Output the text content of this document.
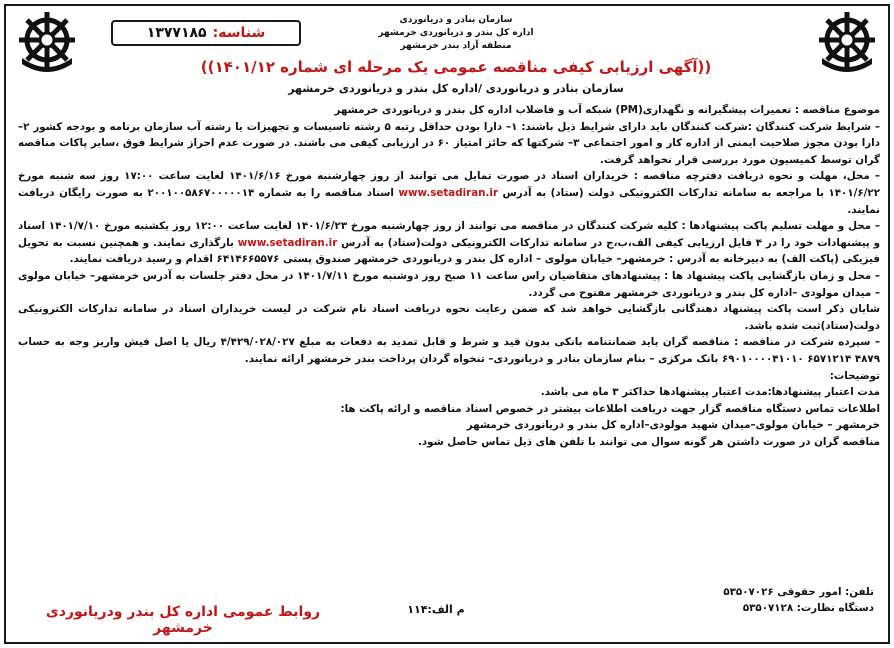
سازمان بنادر و دریانوردی
اداره کل بندر و دریانوردی خرمشهر
منطقه آزاد بندر خرمشهر
شناسه:
۱۳۷۷۱۸۵
((آگهی ارزیابی کیفی مناقصه عمومی یک مرحله ای شماره ۱۴۰۱/۱۲))
سازمان بنادر و دریانوردی /اداره کل بندر و دریانوردی خرمشهر

موضوع مناقصه : تعمیرات پیشگیرانه و نگهداری(PM) شبکه آب و فاضلاب اداره کل بندر و دریانوردی خرمشهر

– شرایط شرکت کنندگان :شرکت کنندگان باید دارای شرایط ذیل باشند: ۱– دارا بودن حداقل رتبه ۵ رشته تاسیسات و تجهیزات یا رشته آب سازمان برنامه و بودجه کشور ۲– دارا بودن مجوز صلاحیت ایمنی از اداره کار و امور اجتماعی ۳– شرکتها که حائز امتیاز ۶۰ در ارزیابی کیفی می باشند. در صورت عدم احراز شرایط فوق ،سایر پاکات مناقصه گران توسط کمیسیون مورد بررسی قرار نخواهد گرفت.

– محل، مهلت و نحوه دریافت دفترچه مناقصه : خریداران اسناد در صورت تمایل می توانند از روز چهارشنبه مورخ ۱۴۰۱/۶/۱۶ لغایت ساعت ۱۷:۰۰ روز سه شنبه مورخ ۱۴۰۱/۶/۲۲ با مراجعه به سامانه تدارکات الکترونیکی دولت (ستاد) به آدرس www.setadiran.ir اسناد مناقصه را به شماره ۲۰۰۱۰۰۵۸۶۷۰۰۰۰۰۱۴ به صورت رایگان دریافت نمایند.

– محل و مهلت تسلیم پاکت پیشنهادها : کلیه شرکت کنندگان در مناقصه می توانند از روز چهارشنبه مورخ ۱۴۰۱/۶/۲۳ لغایت ساعت ۱۲:۰۰ روز یکشنبه مورخ ۱۴۰۱/۷/۱۰ اسناد و پیشنهادات خود را در ۴ فایل ارزیابی کیفی الف،ب،ج در سامانه تدارکات الکترونیکی دولت(ستاد) به آدرس www.setadiran.ir بارگذاری نمایند. و همچنین نسبت به تحویل فیزیکی (پاکت الف) به دبیرخانه به آدرس : خرمشهر– خیابان مولوی – اداره کل بندر و دریانوردی خرمشهر صندوق پستی ۶۴۱۴۶۶۵۵۷۶ اقدام و رسید دریافت نمایند.

– محل و زمان بازگشایی پاکت پیشنهاد ها : پیشنهادهای متقاضیان راس ساعت ۱۱ صبح روز دوشنبه مورخ ۱۴۰۱/۷/۱۱ در محل دفتر جلسات به آدرس خرمشهر– خیابان مولوی – میدان مولودی –اداره کل بندر و دریانوردی خرمشهر مفتوح می گردد.

شایان ذکر است پاکت پیشنهاد دهندگانی بازگشایی خواهد شد که ضمن رعایت نحوه دریافت اسناد نام شرکت در لیست خریداران اسناد در سامانه تدارکات الکترونیکی دولت(ستاد)ثبت شده باشد.

– سپرده شرکت در مناقصه : مناقصه گران باید ضمانتنامه بانکی بدون قید و شرط و قابل تمدید به دفعات به مبلغ ۴/۴۲۹/۰۲۸/۰۲۷ ریال یا اصل فیش واریز وجه به حساب ۴۸۷۹ ۶۵۷۱۲۱۴ ۶۹۰۱۰۰۰۰۴۱۰۱۰ بانک مرکزی – بنام سازمان بنادر و دریانوردی– تنخواه گردان پرداخت بندر خرمشهر ارائه نمایند.

توضیحات:

مدت اعتبار پیشنهادها:مدت اعتبار پیشنهادها حداکثر ۳ ماه می باشد.

اطلاعات تماس دستگاه مناقصه گزار جهت دریافت اطلاعات بیشتر در خصوص اسناد مناقصه و ارائه پاکت ها:

خرمشهر – خیابان مولوی–میدان شهید مولودی–اداره کل بندر و دریانوردی خرمشهر

مناقصه گران در صورت داشتن هر گونه سوال می توانند با تلفن های ذیل تماس حاصل شود.

تلفن: امور حقوقی ۵۳۵۰۷۰۲۶
دستگاه نظارت: ۵۳۵۰۷۱۲۸
م الف:۱۱۴
روابط عمومی اداره کل بندر ودریانوردی خرمشهر
